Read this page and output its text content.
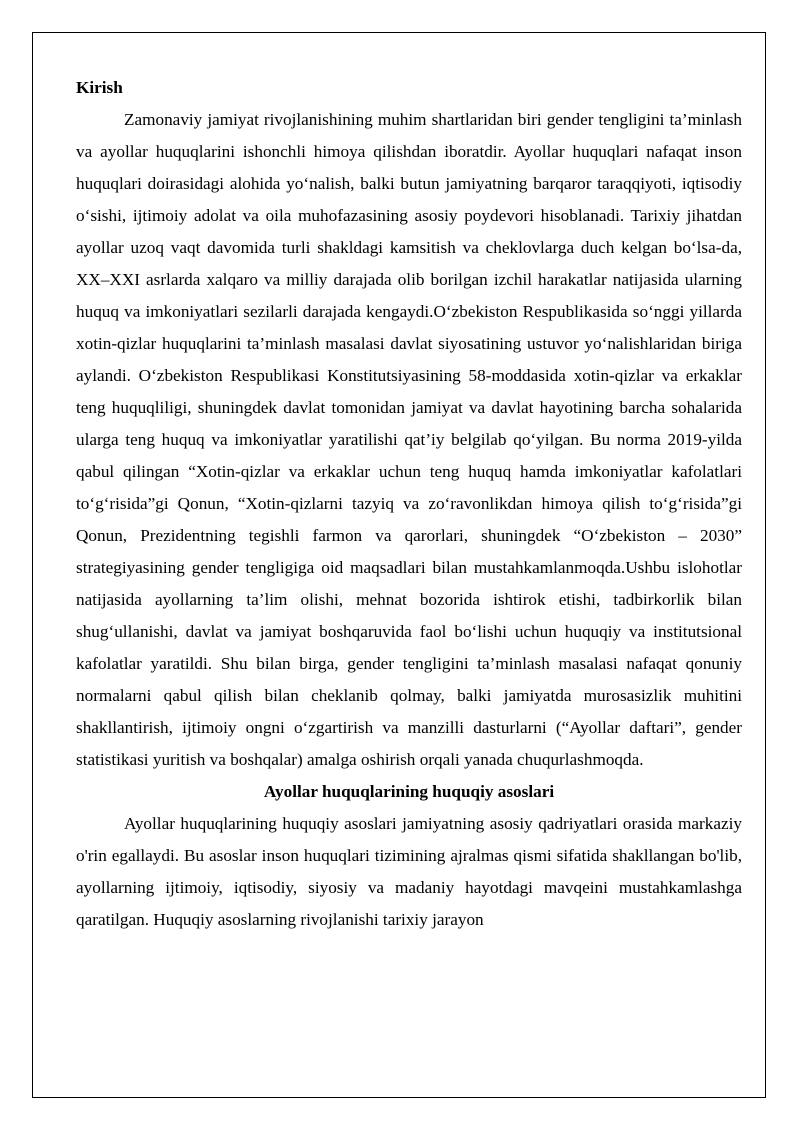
Kirish

Zamonaviy jamiyat rivojlanishining muhim shartlaridan biri gender tengligini ta’minlash va ayollar huquqlarini ishonchli himoya qilishdan iboratdir. Ayollar huquqlari nafaqat inson huquqlari doirasidagi alohida yo‘nalish, balki butun jamiyatning barqaror taraqqiyoti, iqtisodiy o‘sishi, ijtimoiy adolat va oila muhofazasining asosiy poydevori hisoblanadi. Tarixiy jihatdan ayollar uzoq vaqt davomida turli shakldagi kamsitish va cheklovlarga duch kelgan bo‘lsa-da, XX–XXI asrlarda xalqaro va milliy darajada olib borilgan izchil harakatlar natijasida ularning huquq va imkoniyatlari sezilarli darajada kengaydi.O‘zbekiston Respublikasida so‘nggi yillarda xotin-qizlar huquqlarini ta’minlash masalasi davlat siyosatining ustuvor yo‘nalishlaridan biriga aylandi. O‘zbekiston Respublikasi Konstitutsiyasining 58-moddasida xotin-qizlar va erkaklar teng huquqliligi, shuningdek davlat tomonidan jamiyat va davlat hayotining barcha sohalarida ularga teng huquq va imkoniyatlar yaratilishi qat’iy belgilab qo‘yilgan. Bu norma 2019-yilda qabul qilingan “Xotin-qizlar va erkaklar uchun teng huquq hamda imkoniyatlar kafolatlari to‘g‘risida”gi Qonun, “Xotin-qizlarni tazyiq va zo‘ravonlikdan himoya qilish to‘g‘risida”gi Qonun, Prezidentning tegishli farmon va qarorlari, shuningdek “O‘zbekiston – 2030” strategiyasining gender tengligiga oid maqsadlari bilan mustahkamlanmoqda.Ushbu islohotlar natijasida ayollarning ta’lim olishi, mehnat bozorida ishtirok etishi, tadbirkorlik bilan shug‘ullanishi, davlat va jamiyat boshqaruvida faol bo‘lishi uchun huquqiy va institutsional kafolatlar yaratildi. Shu bilan birga, gender tengligini ta’minlash masalasi nafaqat qonuniy normalarni qabul qilish bilan cheklanib qolmay, balki jamiyatda murosasizlik muhitini shakllantirish, ijtimoiy ongni o‘zgartirish va manzilli dasturlarni (“Ayollar daftari”, gender statistikasi yuritish va boshqalar) amalga oshirish orqali yanada chuqurlashmoqda.

Ayollar huquqlarining huquqiy asoslari

Ayollar huquqlarining huquqiy asoslari jamiyatning asosiy qadriyatlari orasida markaziy o'rin egallaydi. Bu asoslar inson huquqlari tizimining ajralmas qismi sifatida shakllangan bo'lib, ayollarning ijtimoiy, iqtisodiy, siyosiy va madaniy hayotdagi mavqeini mustahkamlashga qaratilgan. Huquqiy asoslarning rivojlanishi tarixiy jarayon
